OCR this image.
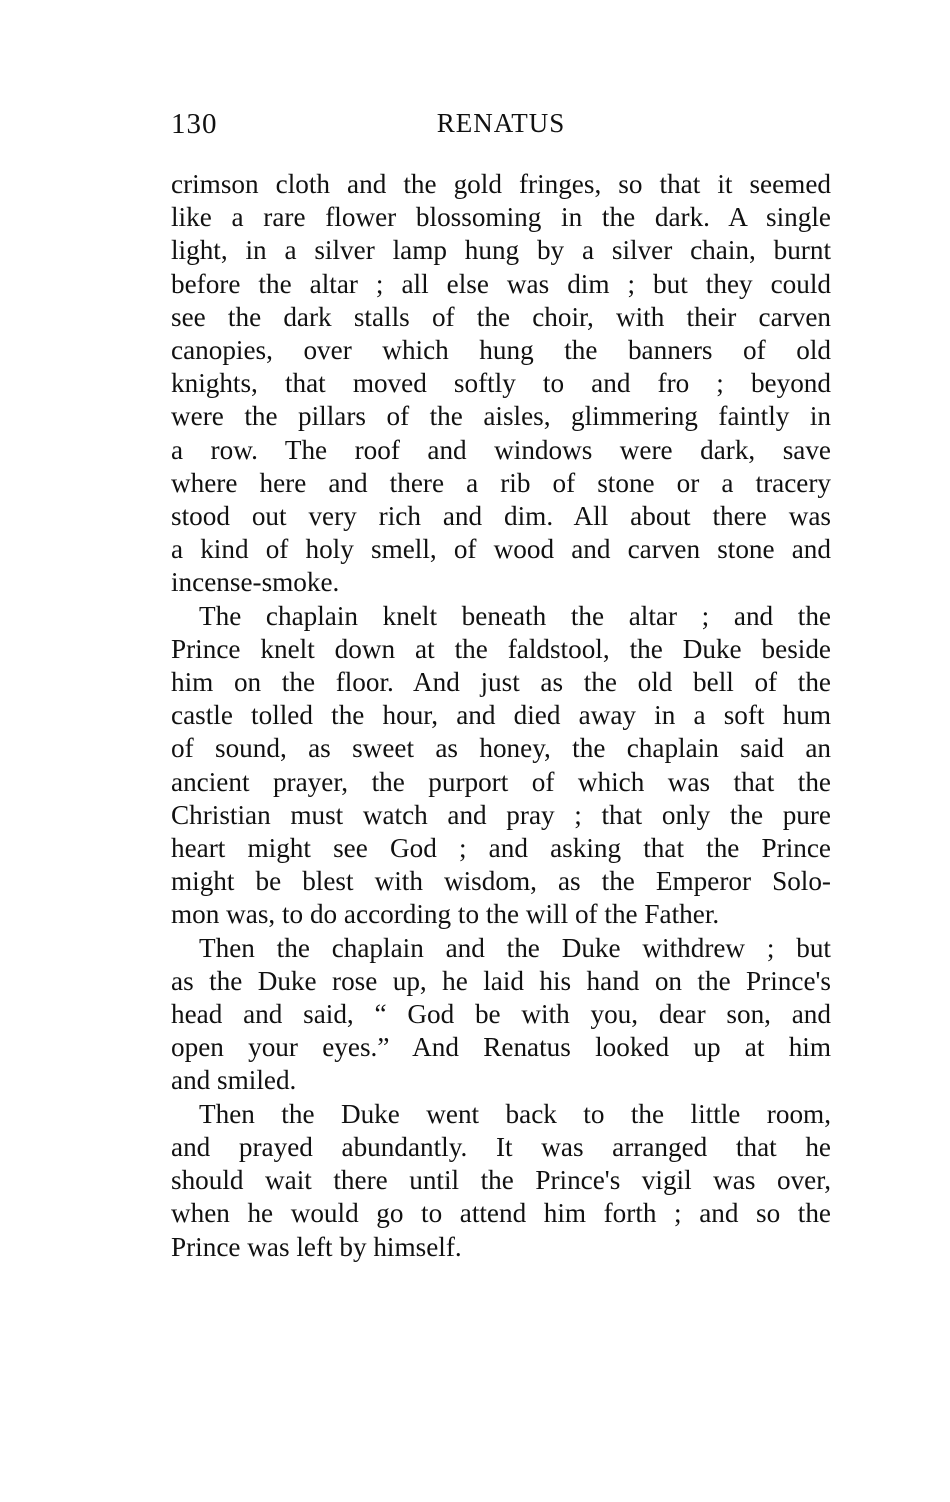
130	RENATUS

crimson cloth and the gold fringes, so that it seemed
like a rare flower blossoming in the dark. A single
light, in a silver lamp hung by a silver chain, burnt
before the altar ; all else was dim ; but they could
see the dark stalls of the choir, with their carven
canopies, over which hung the banners of old
knights, that moved softly to and fro ; beyond
were the pillars of the aisles, glimmering faintly in
a row. The roof and windows were dark, save
where here and there a rib of stone or a tracery
stood out very rich and dim. All about there was
a kind of holy smell, of wood and carven stone and
incense-smoke.

The chaplain knelt beneath the altar ; and the
Prince knelt down at the faldstool, the Duke beside
him on the floor. And just as the old bell of the
castle tolled the hour, and died away in a soft hum
of sound, as sweet as honey, the chaplain said an
ancient prayer, the purport of which was that the
Christian must watch and pray ; that only the pure
heart might see God ; and asking that the Prince
might be blest with wisdom, as the Emperor Solo-
mon was, to do according to the will of the Father.

Then the chaplain and the Duke withdrew ; but
as the Duke rose up, he laid his hand on the Prince's
head and said, “ God be with you, dear son, and
open your eyes.” And Renatus looked up at him
and smiled.

Then the Duke went back to the little room,
and prayed abundantly. It was arranged that he
should wait there until the Prince's vigil was over,
when he would go to attend him forth ; and so the
Prince was left by himself.
